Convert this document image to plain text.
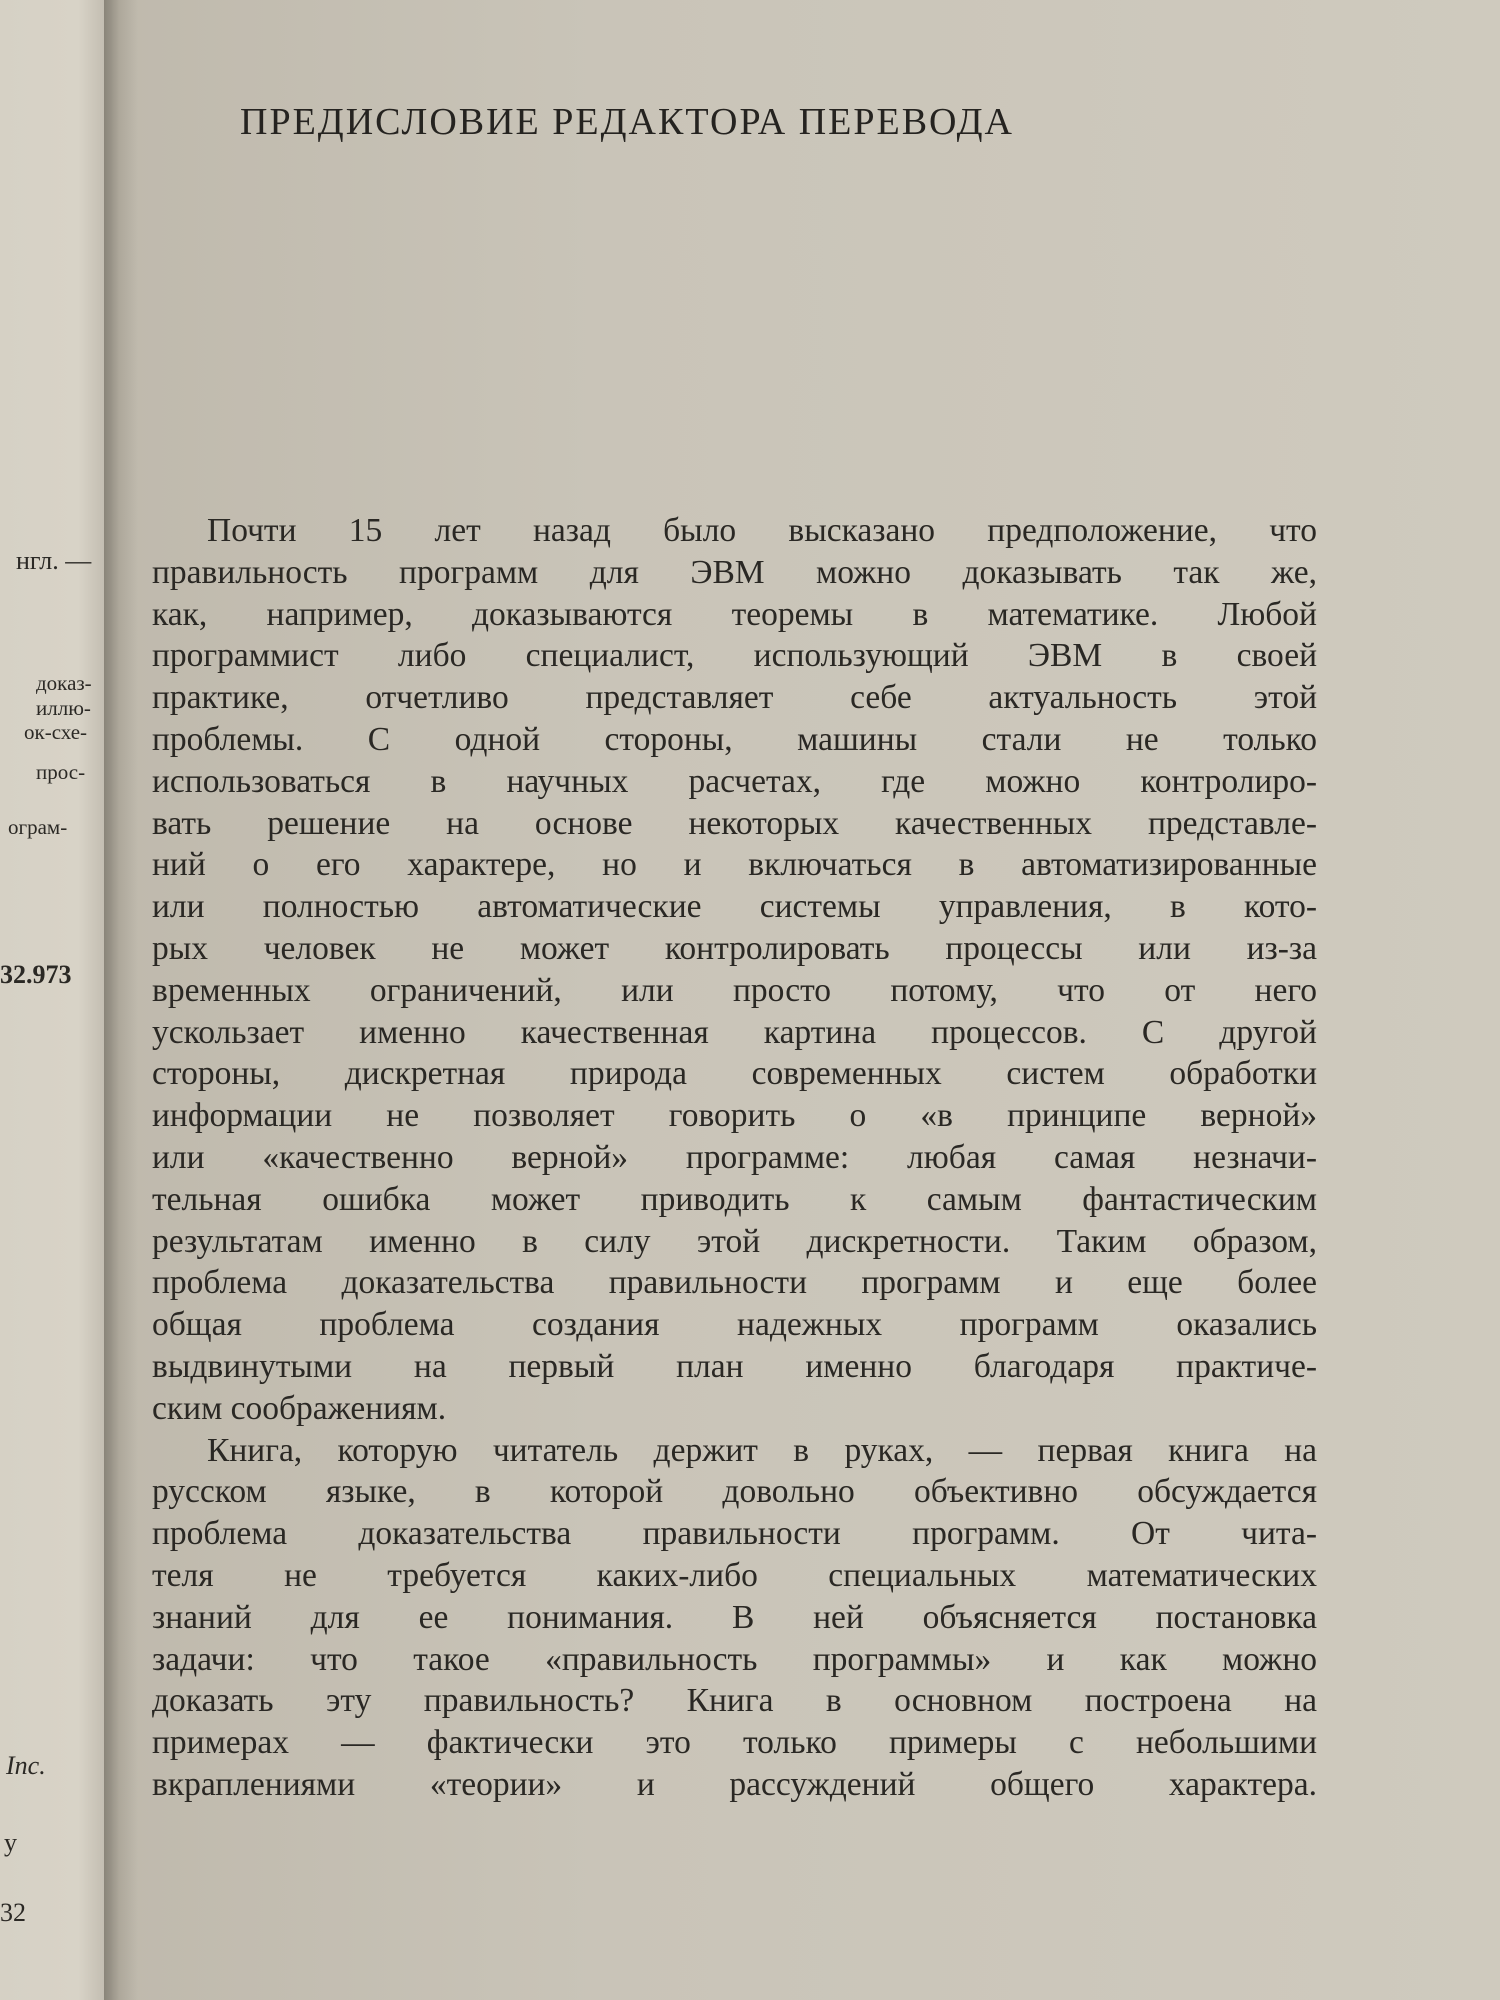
нгл. —
доказ-
иллю-
ок-схе-
прос-
ограм-
32.973
Inc.
y
32
ПРЕДИСЛОВИЕ РЕДАКТОРА ПЕРЕВОДА
Почти 15 лет назад было высказано предположение, что
правильность программ для ЭВМ можно доказывать так же,
как, например, доказываются теоремы в математике. Любой
программист либо специалист, использующий ЭВМ в своей
практике, отчетливо представляет себе актуальность этой
проблемы. С одной стороны, машины стали не только
использоваться в научных расчетах, где можно контролиро-
вать решение на основе некоторых качественных представле-
ний о его характере, но и включаться в автоматизированные
или полностью автоматические системы управления, в кото-
рых человек не может контролировать процессы или из-за
временных ограничений, или просто потому, что от него
ускользает именно качественная картина процессов. С другой
стороны, дискретная природа современных систем обработки
информации не позволяет говорить о «в принципе верной»
или «качественно верной» программе: любая самая незначи-
тельная ошибка может приводить к самым фантастическим
результатам именно в силу этой дискретности. Таким образом,
проблема доказательства правильности программ и еще более
общая проблема создания надежных программ оказались
выдвинутыми на первый план именно благодаря практиче-
ским соображениям.
Книга, которую читатель держит в руках, — первая книга на
русском языке, в которой довольно объективно обсуждается
проблема доказательства правильности программ. От чита-
теля не требуется каких-либо специальных математических
знаний для ее понимания. В ней объясняется постановка
задачи: что такое «правильность программы» и как можно
доказать эту правильность? Книга в основном построена на
примерах — фактически это только примеры с небольшими
вкраплениями «теории» и рассуждений общего характера.
